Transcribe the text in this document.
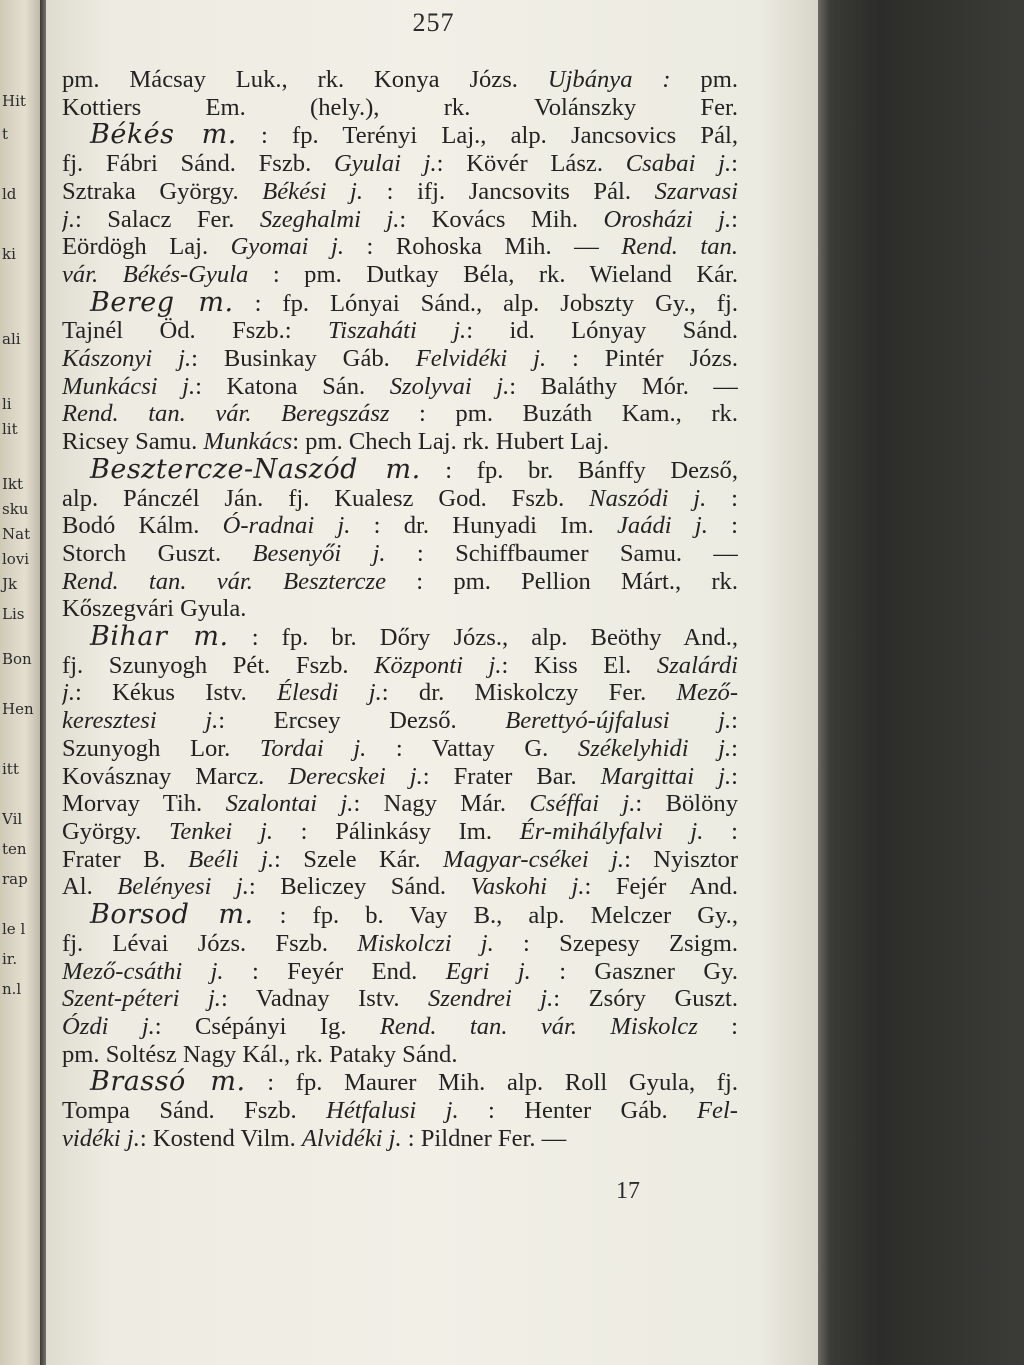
Hit
t
ld
ki
ali
li
lit
Ikt
sku
Nat
lovi
Jk
Lis
Bon
Hen
itt
Vil
ten
rap
le l
ir.
n.l
257
pm. Mácsay Luk., rk. Konya Józs. Ujbánya : pm.
Kottiers Em. (hely.), rk. Volánszky Fer.
Békés m. : fp. Terényi Laj., alp. Jancsovics Pál,
fj. Fábri Sánd. Fszb. Gyulai j.: Kövér Lász. Csabai j.:
Sztraka György. Békési j. : ifj. Jancsovits Pál. Szarvasi
j.: Salacz Fer. Szeghalmi j.: Kovács Mih. Orosházi j.:
Eördögh Laj. Gyomai j. : Rohoska Mih. — Rend. tan.
vár. Békés-Gyula : pm. Dutkay Béla, rk. Wieland Kár.
Bereg m. : fp. Lónyai Sánd., alp. Jobszty Gy., fj.
Tajnél Öd. Fszb.: Tiszaháti j.: id. Lónyay Sánd.
Kászonyi j.: Businkay Gáb. Felvidéki j. : Pintér Józs.
Munkácsi j.: Katona Sán. Szolyvai j.: Baláthy Mór. —
Rend. tan. vár. Beregszász : pm. Buzáth Kam., rk.
Ricsey Samu. Munkács: pm. Chech Laj. rk. Hubert Laj.
Besztercze-Naszód m. : fp. br. Bánffy Dezső,
alp. Pánczél Ján. fj. Kualesz God. Fszb. Naszódi j. :
Bodó Kálm. Ó-radnai j. : dr. Hunyadi Im. Jaádi j. :
Storch Guszt. Besenyői j. : Schiffbaumer Samu. —
Rend. tan. vár. Besztercze : pm. Pellion Márt., rk.
Kőszegvári Gyula.
Bihar m. : fp. br. Dőry Józs., alp. Beöthy And.,
fj. Szunyogh Pét. Fszb. Központi j.: Kiss El. Szalárdi
j.: Kékus Istv. Élesdi j.: dr. Miskolczy Fer. Mező-
keresztesi j.: Ercsey Dezső. Berettyó-újfalusi j.:
Szunyogh Lor. Tordai j. : Vattay G. Székelyhidi j.:
Kovásznay Marcz. Derecskei j.: Frater Bar. Margittai j.:
Morvay Tih. Szalontai j.: Nagy Már. Cséffai j.: Bölöny
György. Tenkei j. : Pálinkásy Im. Ér-mihályfalvi j. :
Frater B. Beéli j.: Szele Kár. Magyar-csékei j.: Nyisztor
Al. Belényesi j.: Beliczey Sánd. Vaskohi j.: Fejér And.
Borsod m. : fp. b. Vay B., alp. Melczer Gy.,
fj. Lévai Józs. Fszb. Miskolczi j. : Szepesy Zsigm.
Mező-csáthi j. : Feyér End. Egri j. : Gaszner Gy.
Szent-péteri j.: Vadnay Istv. Szendrei j.: Zsóry Guszt.
Ózdi j.: Csépányi Ig. Rend. tan. vár. Miskolcz :
pm. Soltész Nagy Kál., rk. Pataky Sánd.
Brassó m. : fp. Maurer Mih. alp. Roll Gyula, fj.
Tompa Sánd. Fszb. Hétfalusi j. : Henter Gáb. Fel-
vidéki j.: Kostend Vilm. Alvidéki j. : Pildner Fer. —
17
